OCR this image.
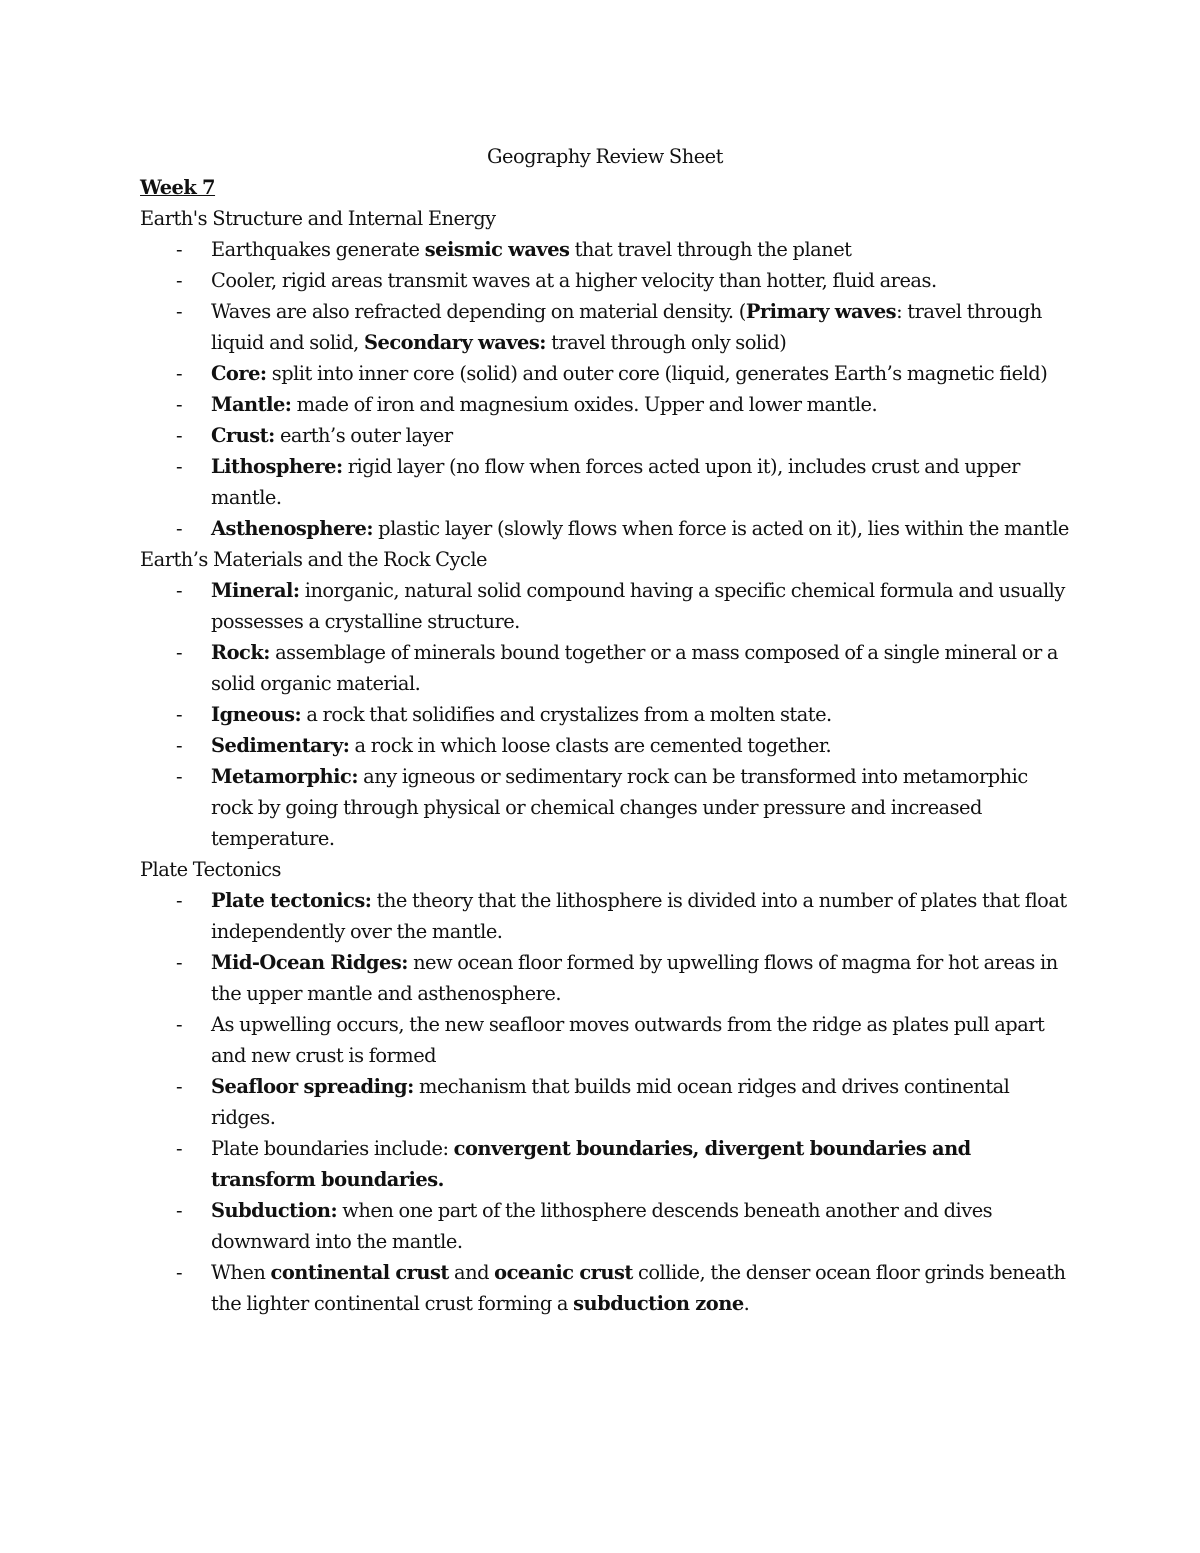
Geography Review Sheet
Week 7
Earth's Structure and Internal Energy
- Earthquakes generate seismic waves that travel through the planet
- Cooler, rigid areas transmit waves at a higher velocity than hotter, fluid areas.
- Waves are also refracted depending on material density. (Primary waves: travel through liquid and solid, Secondary waves: travel through only solid)
- Core: split into inner core (solid) and outer core (liquid, generates Earth’s magnetic field)
- Mantle: made of iron and magnesium oxides. Upper and lower mantle.
- Crust: earth’s outer layer
- Lithosphere: rigid layer (no flow when forces acted upon it), includes crust and upper mantle.
- Asthenosphere: plastic layer (slowly flows when force is acted on it), lies within the mantle
Earth’s Materials and the Rock Cycle
- Mineral: inorganic, natural solid compound having a specific chemical formula and usually possesses a crystalline structure.
- Rock: assemblage of minerals bound together or a mass composed of a single mineral or a solid organic material.
- Igneous: a rock that solidifies and crystalizes from a molten state.
- Sedimentary: a rock in which loose clasts are cemented together.
- Metamorphic: any igneous or sedimentary rock can be transformed into metamorphic rock by going through physical or chemical changes under pressure and increased temperature.
Plate Tectonics
- Plate tectonics: the theory that the lithosphere is divided into a number of plates that float independently over the mantle.
- Mid-Ocean Ridges: new ocean floor formed by upwelling flows of magma for hot areas in the upper mantle and asthenosphere.
- As upwelling occurs, the new seafloor moves outwards from the ridge as plates pull apart and new crust is formed
- Seafloor spreading: mechanism that builds mid ocean ridges and drives continental ridges.
- Plate boundaries include: convergent boundaries, divergent boundaries and transform boundaries.
- Subduction: when one part of the lithosphere descends beneath another and dives downward into the mantle.
- When continental crust and oceanic crust collide, the denser ocean floor grinds beneath the lighter continental crust forming a subduction zone.
